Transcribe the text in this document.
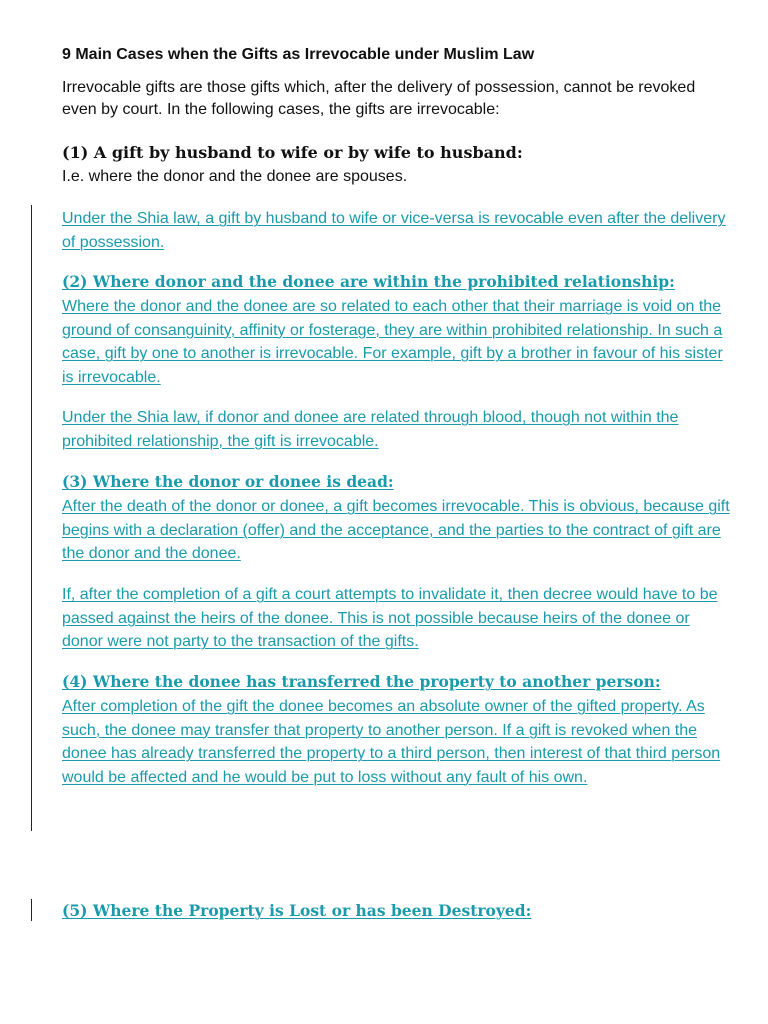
9 Main Cases when the Gifts as Irrevocable under Muslim Law

Irrevocable gifts are those gifts which, after the delivery of possession, cannot be revoked even by court. In the following cases, the gifts are irrevocable:

(1) A gift by husband to wife or by wife to husband:

I.e. where the donor and the donee are spouses.

Under the Shia law, a gift by husband to wife or vice-versa is revocable even after the delivery of possession.

(2) Where donor and the donee are within the prohibited relationship:

Where the donor and the donee are so related to each other that their marriage is void on the ground of consanguinity, affinity or fosterage, they are within prohibited relationship. In such a case, gift by one to another is irrevocable. For example, gift by a brother in favour of his sister is irrevocable.

Under the Shia law, if donor and donee are related through blood, though not within the prohibited relationship, the gift is irrevocable.

(3) Where the donor or donee is dead:

After the death of the donor or donee, a gift becomes irrevocable. This is obvious, because gift begins with a declaration (offer) and the acceptance, and the parties to the contract of gift are the donor and the donee.

If, after the completion of a gift a court attempts to invalidate it, then decree would have to be passed against the heirs of the donee. This is not possible because heirs of the donee or donor were not party to the transaction of the gifts.

(4) Where the donee has transferred the property to another person:

After completion of the gift the donee becomes an absolute owner of the gifted property. As such, the donee may transfer that property to another person. If a gift is revoked when the donee has already transferred the property to a third person, then interest of that third person would be affected and he would be put to loss without any fault of his own.

(5) Where the Property is Lost or has been Destroyed:
